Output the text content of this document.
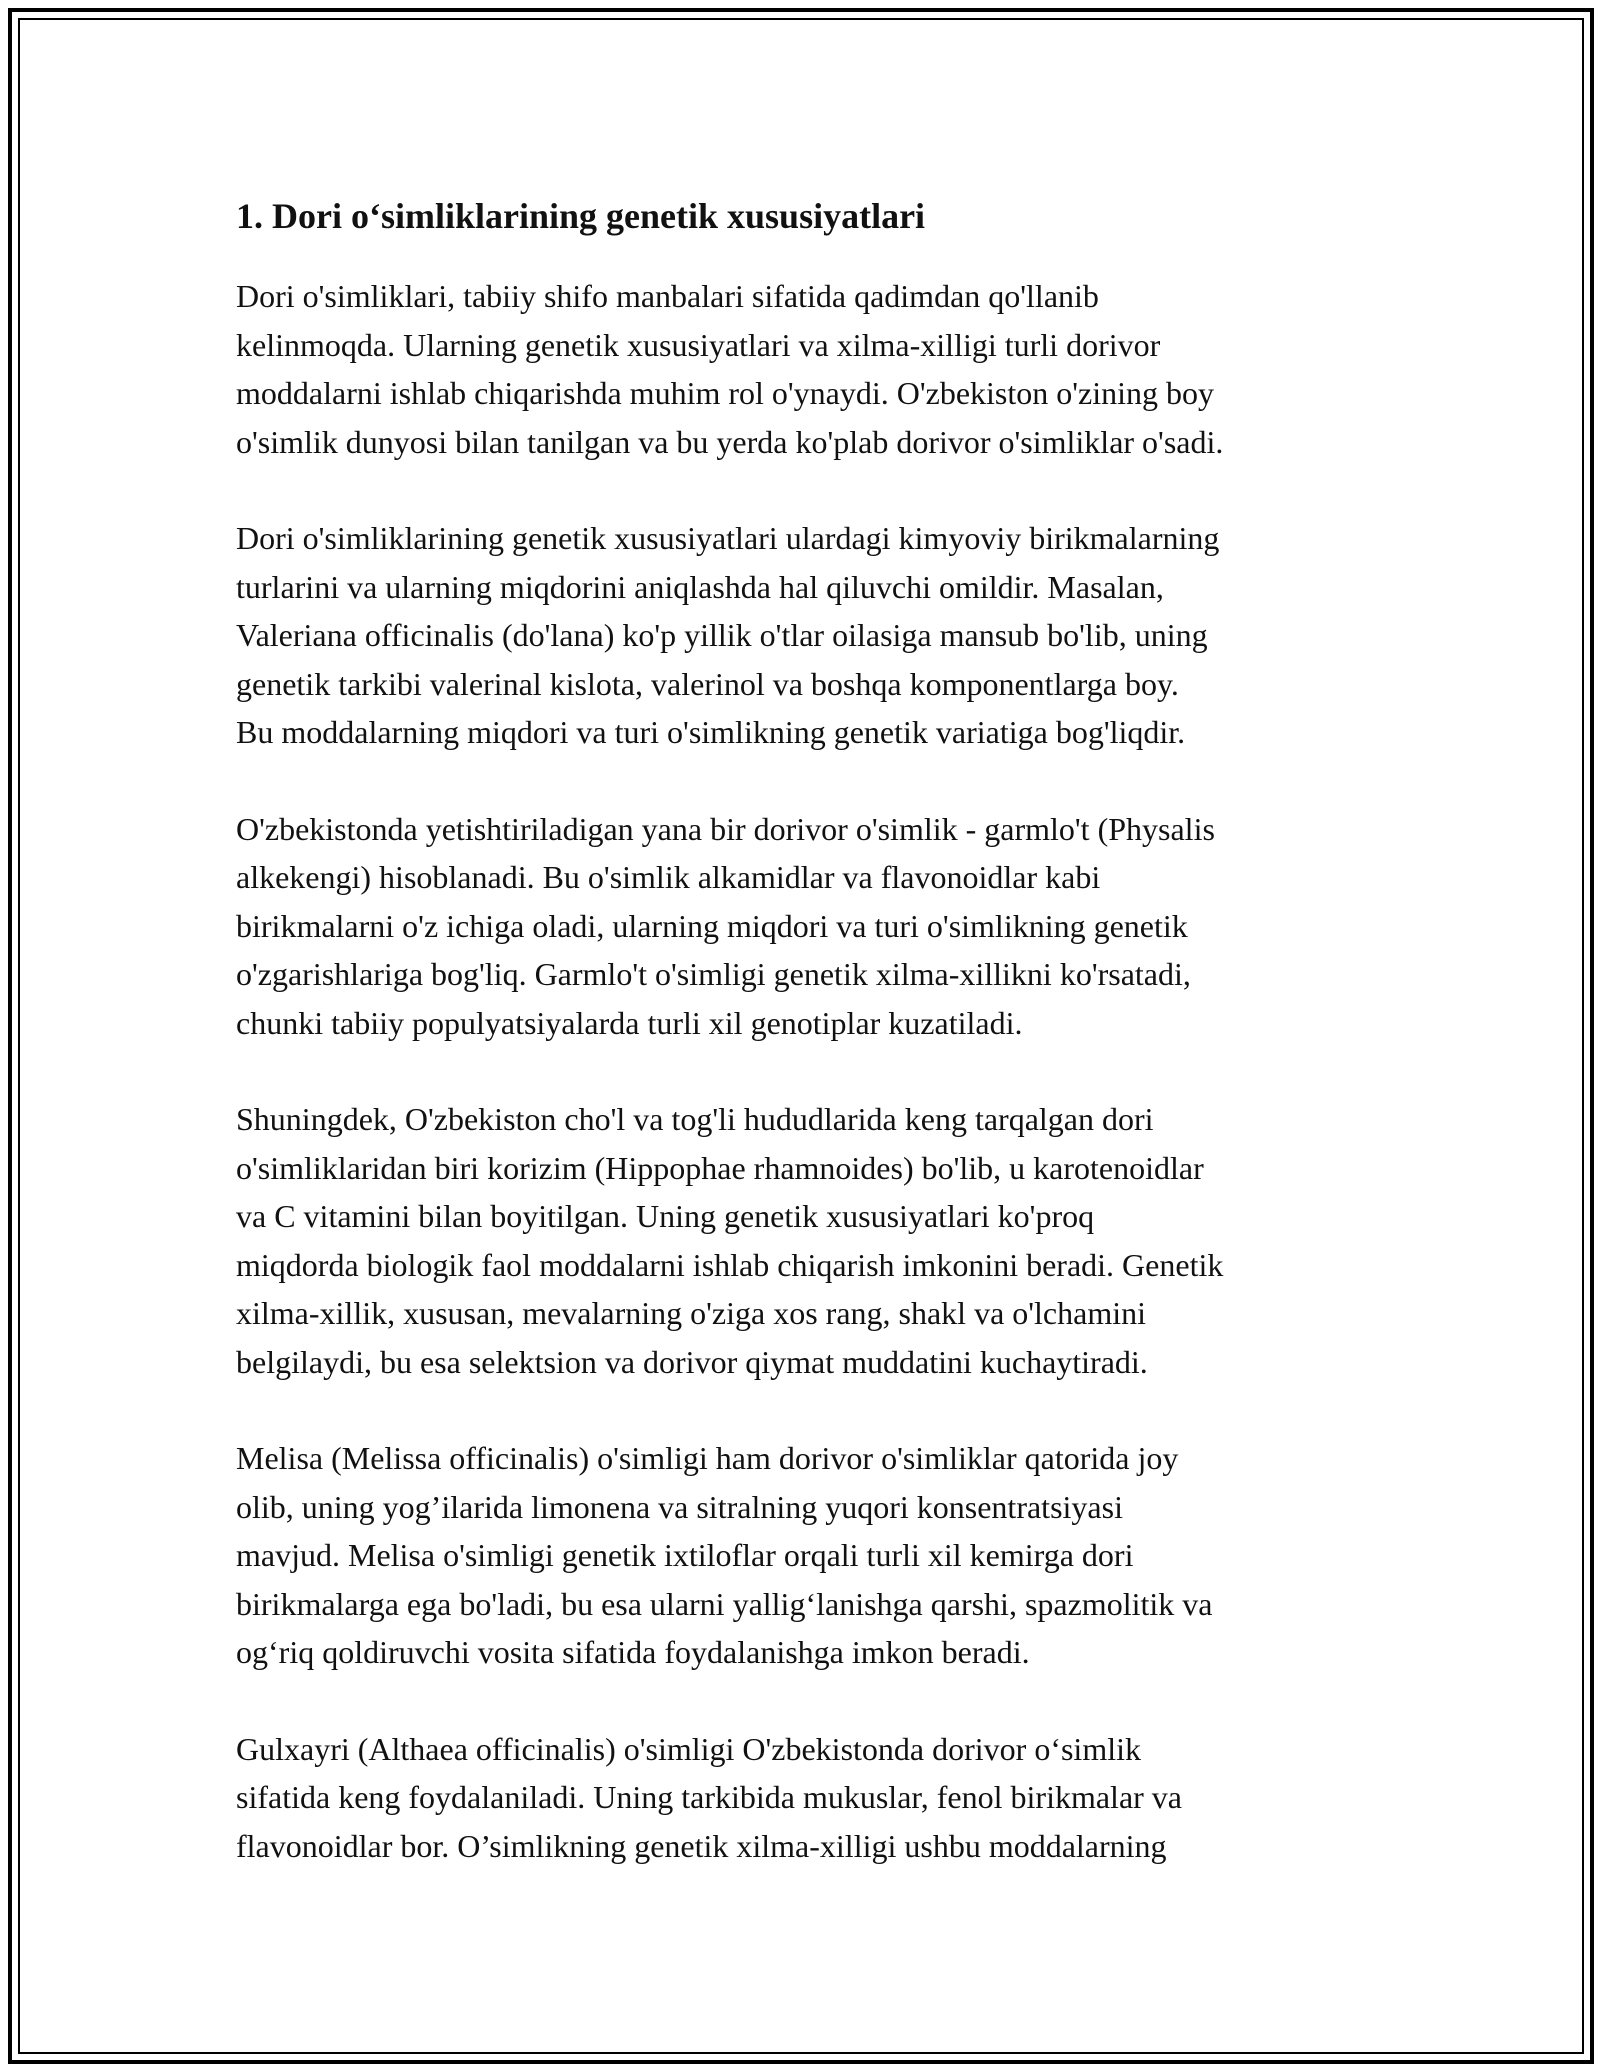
1. Dori o‘simliklarining genetik xususiyatlari

Dori o'simliklari, tabiiy shifo manbalari sifatida qadimdan qo'llanib
kelinmoqda. Ularning genetik xususiyatlari va xilma-xilligi turli dorivor
moddalarni ishlab chiqarishda muhim rol o'ynaydi. O'zbekiston o'zining boy
o'simlik dunyosi bilan tanilgan va bu yerda ko'plab dorivor o'simliklar o'sadi.

Dori o'simliklarining genetik xususiyatlari ulardagi kimyoviy birikmalarning
turlarini va ularning miqdorini aniqlashda hal qiluvchi omildir. Masalan,
Valeriana officinalis (do'lana) ko'p yillik o'tlar oilasiga mansub bo'lib, uning
genetik tarkibi valerinal kislota, valerinol va boshqa komponentlarga boy.
Bu moddalarning miqdori va turi o'simlikning genetik variatiga bog'liqdir.

O'zbekistonda yetishtiriladigan yana bir dorivor o'simlik - garmlo't (Physalis
alkekengi) hisoblanadi. Bu o'simlik alkamidlar va flavonoidlar kabi
birikmalarni o'z ichiga oladi, ularning miqdori va turi o'simlikning genetik
o'zgarishlariga bog'liq. Garmlo't o'simligi genetik xilma-xillikni ko'rsatadi,
chunki tabiiy populyatsiyalarda turli xil genotiplar kuzatiladi.

Shuningdek, O'zbekiston cho'l va tog'li hududlarida keng tarqalgan dori
o'simliklaridan biri korizim (Hippophae rhamnoides) bo'lib, u karotenoidlar
va C vitamini bilan boyitilgan. Uning genetik xususiyatlari ko'proq
miqdorda biologik faol moddalarni ishlab chiqarish imkonini beradi. Genetik
xilma-xillik, xususan, mevalarning o'ziga xos rang, shakl va o'lchamini
belgilaydi, bu esa selektsion va dorivor qiymat muddatini kuchaytiradi.

Melisa (Melissa officinalis) o'simligi ham dorivor o'simliklar qatorida joy
olib, uning yog’ilarida limonena va sitralning yuqori konsentratsiyasi
mavjud. Melisa o'simligi genetik ixtiloflar orqali turli xil kemirga dori
birikmalarga ega bo'ladi, bu esa ularni yallig‘lanishga qarshi, spazmolitik va
og‘riq qoldiruvchi vosita sifatida foydalanishga imkon beradi.

Gulxayri (Althaea officinalis) o'simligi O'zbekistonda dorivor o‘simlik
sifatida keng foydalaniladi. Uning tarkibida mukuslar, fenol birikmalar va
flavonoidlar bor. O’simlikning genetik xilma-xilligi ushbu moddalarning
